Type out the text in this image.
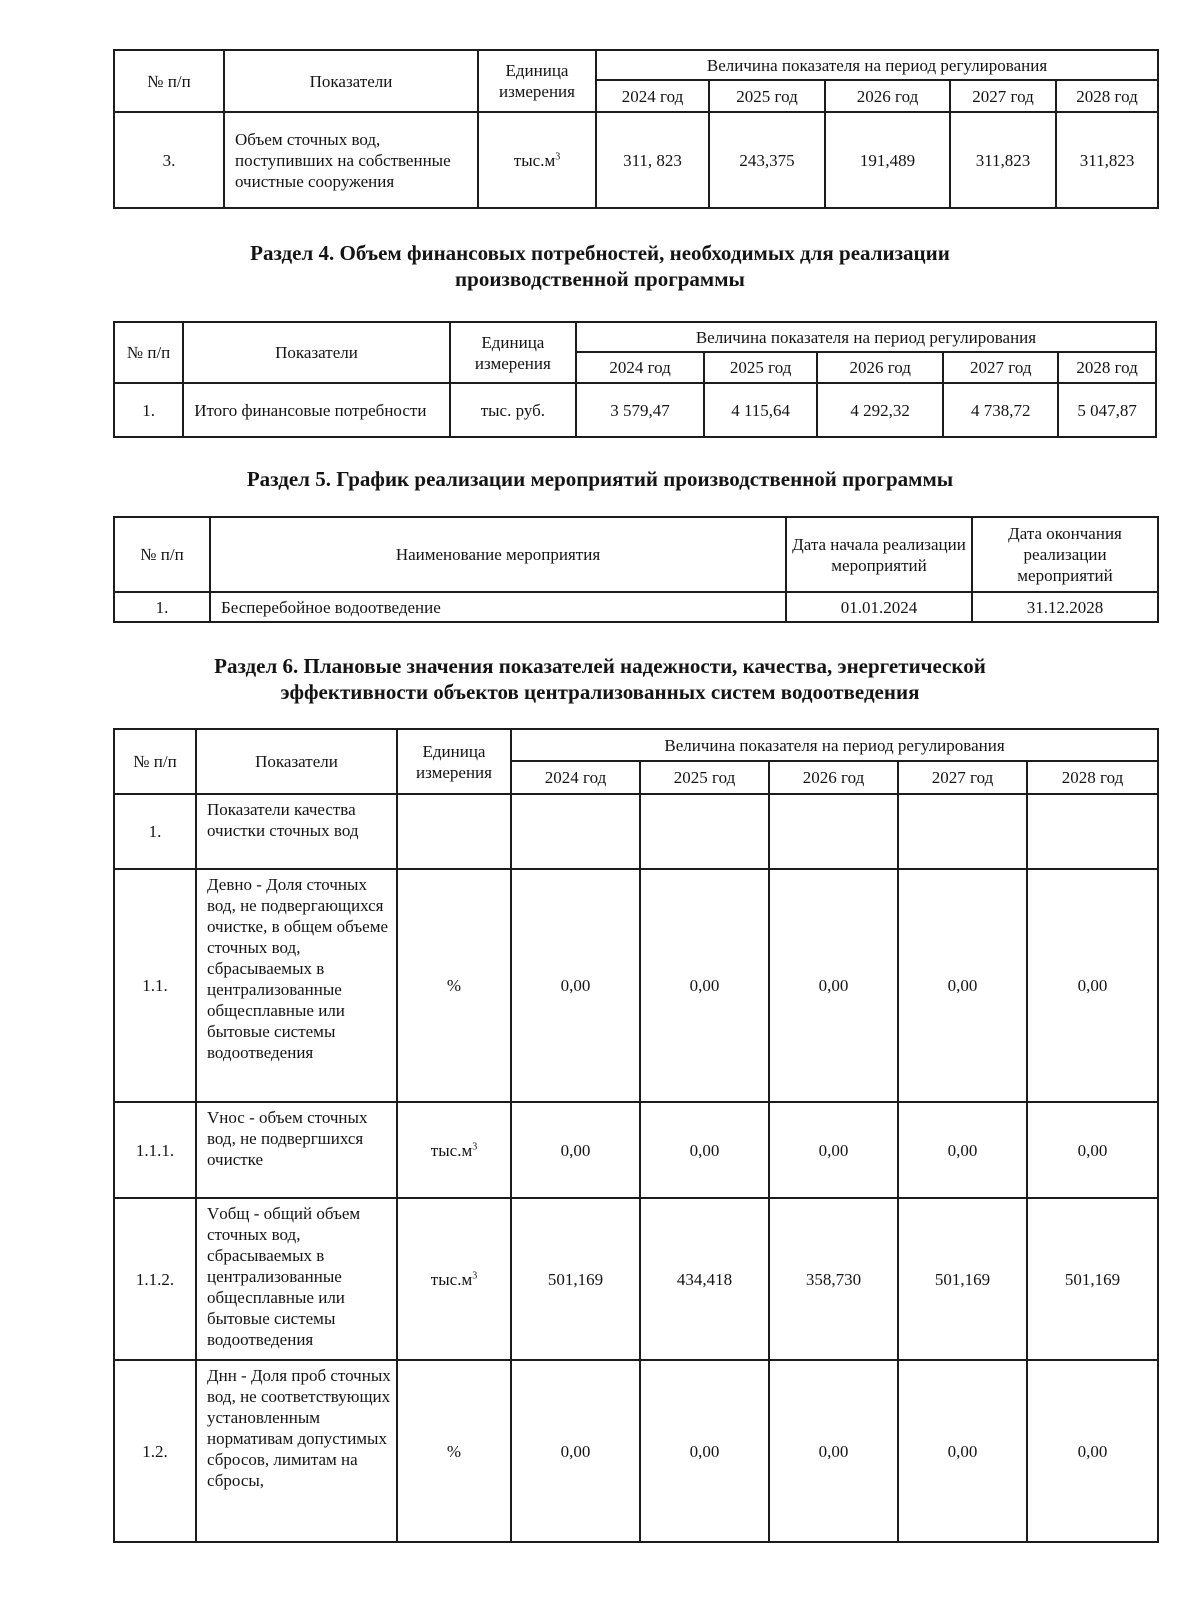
№ п/п	Показатели	Единица измерения	Величина показателя на период регулирования				
			2024 год	2025 год	2026 год	2027 год	2028 год
3.	Объем сточных вод, поступивших на собственные очистные сооружения	$тыс.м^3$	311, 823	243,375	191,489	311,823	311,823
Раздел 4. Объем финансовых потребностей, необходимых для реализации
производственной программы
№ п/п	Показатели	Единица измерения	Величина показателя на период регулирования				
			2024 год	2025 год	2026 год	2027 год	2028 год
1.	Итого финансовые потребности	тыс. руб.	3 579,47	4 115,64	4 292,32	4 738,72	5 047,87
Раздел 5. График реализации мероприятий производственной программы
№ п/п	Наименование мероприятия	Дата начала реализации мероприятий	Дата окончания реализации мероприятий
1.	Бесперебойное водоотведение	01.01.2024	31.12.2028
Раздел 6. Плановые значения показателей надежности, качества, энергетической
эффективности объектов централизованных систем водоотведения
№ п/п	Показатели	Единица измерения	Величина показателя на период регулирования				
			2024 год	2025 год	2026 год	2027 год	2028 год
1.	Показатели качества очистки сточных вод						
1.1.	Девно - Доля сточных вод, не подвергающихся очистке, в общем объеме сточных вод, сбрасываемых в централизованные общесплавные или бытовые системы водоотведения	%	0,00	0,00	0,00	0,00	0,00
1.1.1.	Vнос - объем сточных вод, не подвергшихся очистке	$тыс.м^3$	0,00	0,00	0,00	0,00	0,00
1.1.2.	Vобщ - общий объем сточных вод, сбрасываемых в централизованные общесплавные или бытовые системы водоотведения	$тыс.м^3$	501,169	434,418	358,730	501,169	501,169
1.2.	Днн - Доля проб сточных вод, не соответствующих установленным нормативам допустимых сбросов, лимитам на сбросы,	%	0,00	0,00	0,00	0,00	0,00
